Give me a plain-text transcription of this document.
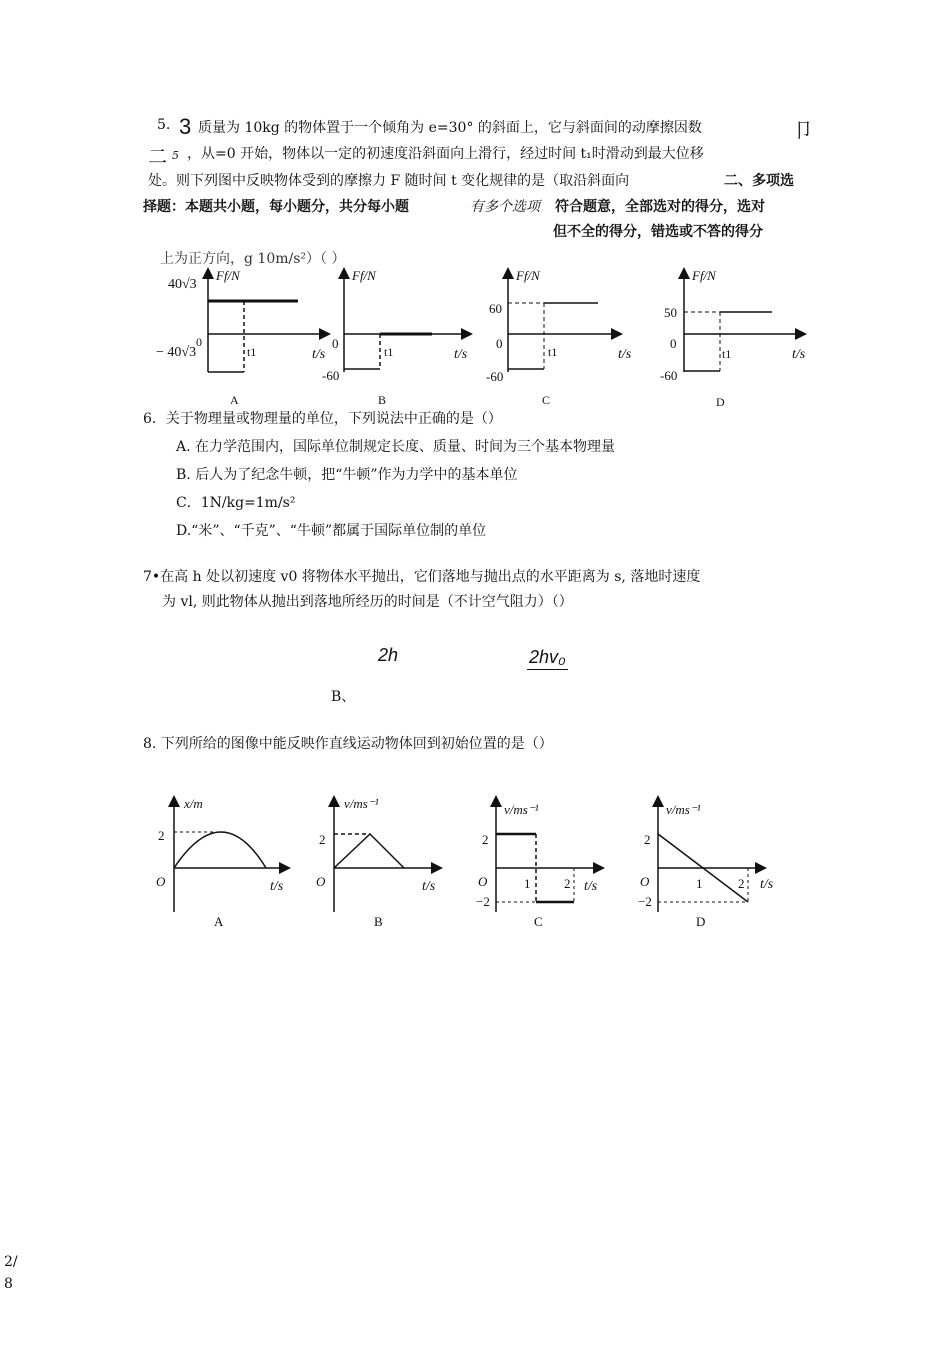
5. 3 质量为 10kg 的物体置于一个倾角为 e=30° 的斜面上，它与斜面间的动摩擦因数	卩
二 5 ，从=0 开始，物体以一定的初速度沿斜面向上滑行，经过时间 t₁时滑动到最大位移
处。则下列图中反映物体受到的摩擦力 F 随时间 t 变化规律的是（取沿斜面向	二、多项选
择题：本题共小题，每小题分，共分每小题	有多个选项 符合题意，全部选对的得分，选对
但不全的得分，错选或不答的得分
上为正方向，g 10m/s²）（ ）
Ff/N
40√3
0
− 40√3	t1
A
Ff/N
0
-60
t1
t/s	t/s
B
Ff/N
60
0
-60
t1	t/s
C
Ff/N
50
0
-60
t1	t/s
D
6．关于物理量或物理量的单位，下列说法中正确的是（）
A. 在力学范围内，国际单位制规定长度、质量、时间为三个基本物理量
B. 后人为了纪念牛顿，把“牛顿”作为力学中的基本单位
C．1N/kg=1m/s²
D.“米”、“千克”、“牛顿”都属于国际单位制的单位
7•在高 h 处以初速度 v0 将物体水平抛出，它们落地与抛出点的水平距离为 s, 落地时速度
为 vl, 则此物体从抛出到落地所经历的时间是（不计空气阻力）（）
2h	2hv₀
B、
8. 下列所给的图像中能反映作直线运动物体回到初始位置的是（）
x/m
2
O	t/s
A
v/ms⁻¹
2
O	t/s
B
v/ms⁻¹
2
−2
O	1	2 t/s
C
v/ms⁻¹
2
−2
O	1	2 t/s
D
2/
8
